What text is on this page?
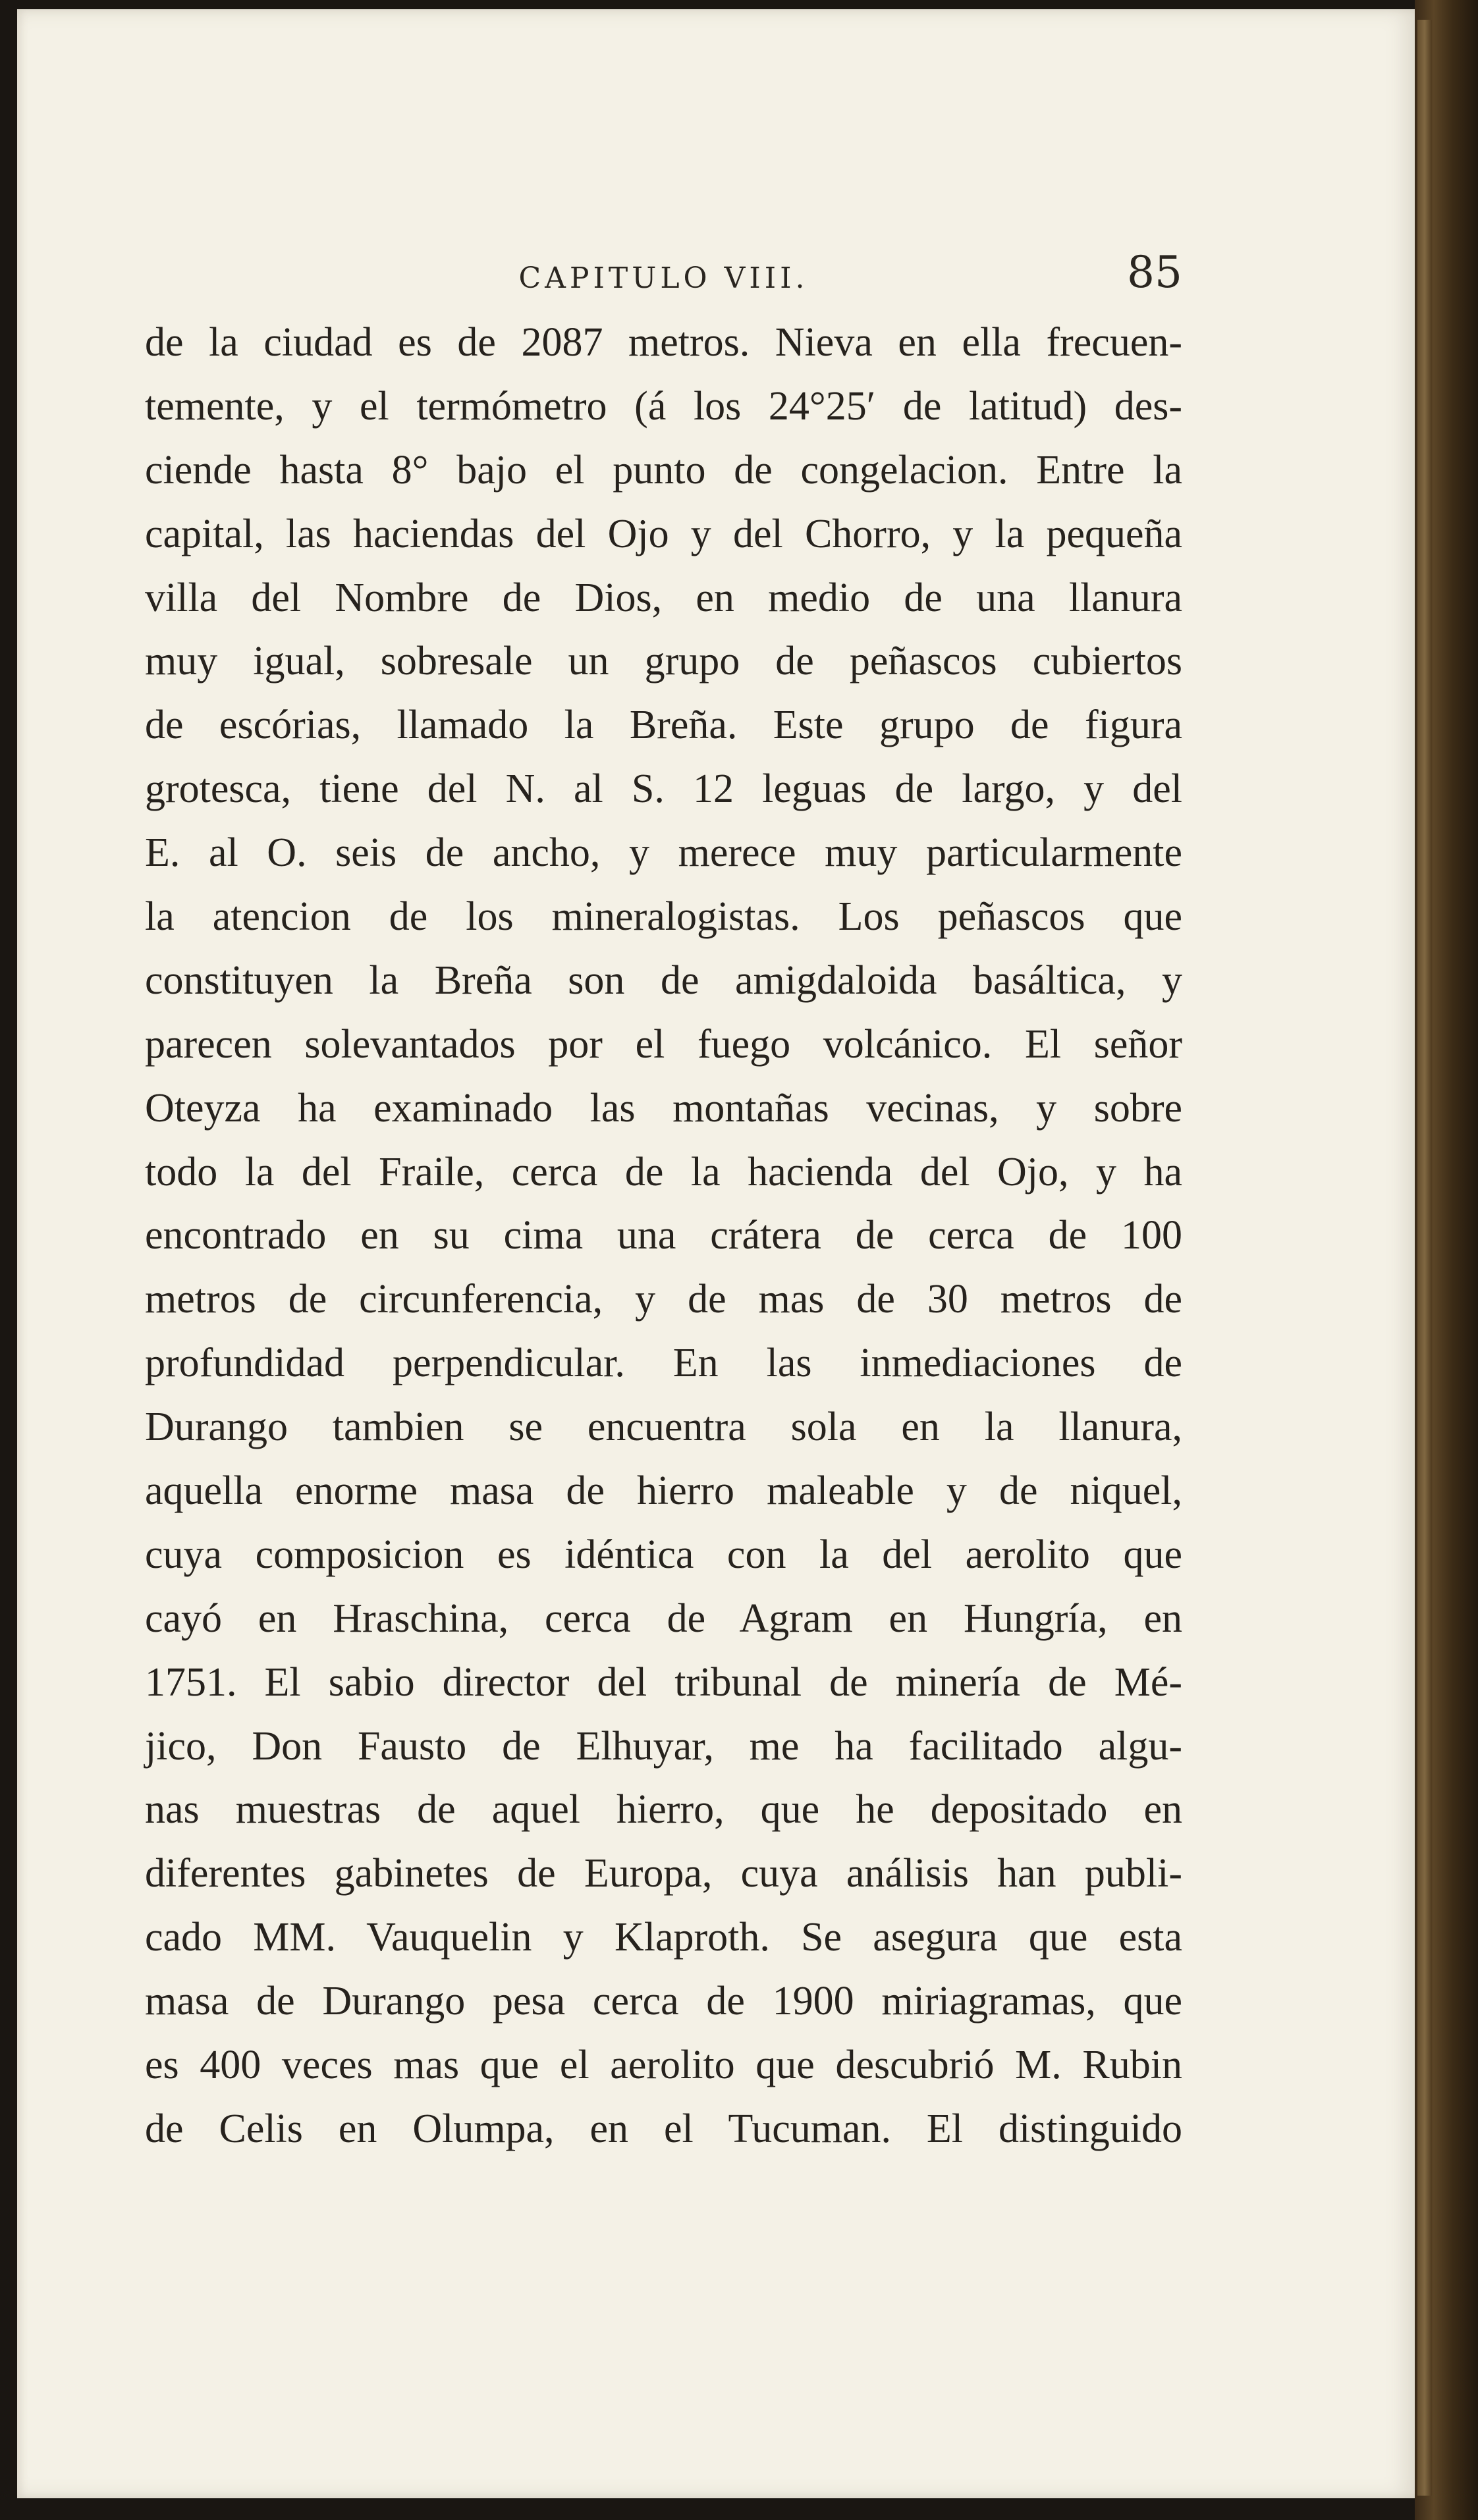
CAPITULO VIII.	85
de la ciudad es de 2087 metros. Nieva en ella frecuen-
temente, y el termómetro (á los 24°25′ de latitud) des-
ciende hasta 8° bajo el punto de congelacion. Entre la
capital, las haciendas del Ojo y del Chorro, y la pequeña
villa del Nombre de Dios, en medio de una llanura
muy igual, sobresale un grupo de peñascos cubiertos
de escórias, llamado la Breña. Este grupo de figura
grotesca, tiene del N. al S. 12 leguas de largo, y del
E. al O. seis de ancho, y merece muy particularmente
la atencion de los mineralogistas. Los peñascos que
constituyen la Breña son de amigdaloida basáltica, y
parecen solevantados por el fuego volcánico. El señor
Oteyza ha examinado las montañas vecinas, y sobre
todo la del Fraile, cerca de la hacienda del Ojo, y ha
encontrado en su cima una crátera de cerca de 100
metros de circunferencia, y de mas de 30 metros de
profundidad perpendicular. En las inmediaciones de
Durango tambien se encuentra sola en la llanura,
aquella enorme masa de hierro maleable y de niquel,
cuya composicion es idéntica con la del aerolito que
cayó en Hraschina, cerca de Agram en Hungría, en
1751. El sabio director del tribunal de minería de Mé-
jico, Don Fausto de Elhuyar, me ha facilitado algu-
nas muestras de aquel hierro, que he depositado en
diferentes gabinetes de Europa, cuya análisis han publi-
cado MM. Vauquelin y Klaproth. Se asegura que esta
masa de Durango pesa cerca de 1900 miriagramas, que
es 400 veces mas que el aerolito que descubrió M. Rubin
de Celis en Olumpa, en el Tucuman. El distinguido
